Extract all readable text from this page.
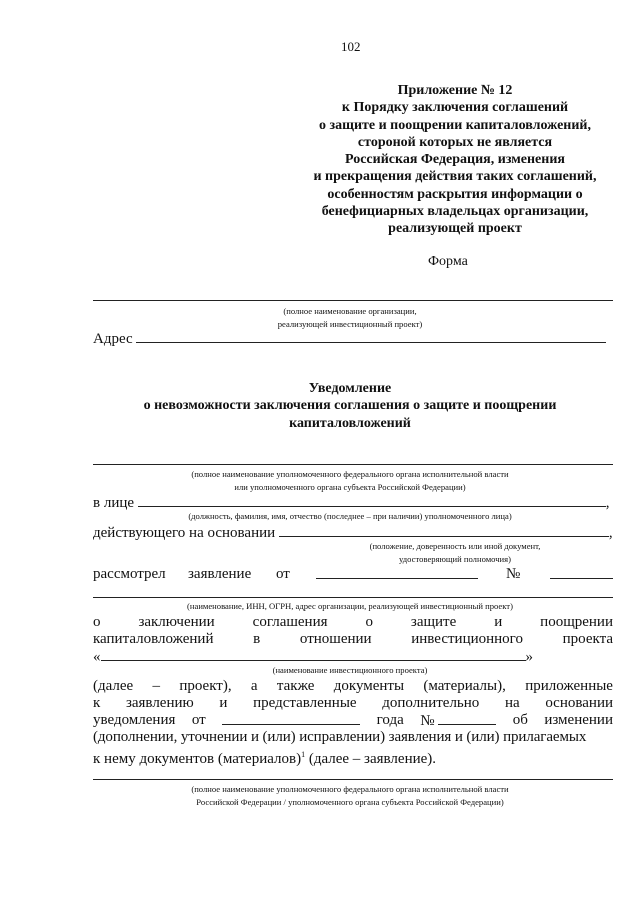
102
Приложение № 12
к Порядку заключения соглашений
о защите и поощрении капиталовложений,
стороной которых не является
Российская Федерация, изменения
и прекращения действия таких соглашений,
особенностям раскрытия информации о
бенефициарных владельцах организации,
реализующей проект
Форма
(полное наименование организации,
реализующей инвестиционный проект)
Адрес
Уведомление
о невозможности заключения соглашения о защите и поощрении
капиталовложений
(полное наименование уполномоченного федерального органа исполнительной власти
или уполномоченного органа субъекта Российской Федерации)
в лице	,
(должность, фамилия, имя, отчество (последнее – при наличии) уполномоченного лица)
действующего на основании	,
(положение, доверенность или иной документ,
удостоверяющий полномочия)
рассмотрел заявление от	№
(наименование, ИНН, ОГРН, адрес организации, реализующей инвестиционный проект)
о	заключении	соглашения	о	защите	и	поощрении
капиталовложений	в	отношении	инвестиционного	проекта
«	»
(наименование инвестиционного проекта)
(далее – проект), а также документы (материалы), приложенные
к заявлению и представленные дополнительно на основании
уведомления от	года №	об изменении
(дополнении, уточнении и (или) исправлении) заявления и (или) прилагаемых
к нему документов (материалов)$^1$ (далее – заявление).
(полное наименование уполномоченного федерального органа исполнительной власти
Российской Федерации / уполномоченного органа субъекта Российской Федерации)
